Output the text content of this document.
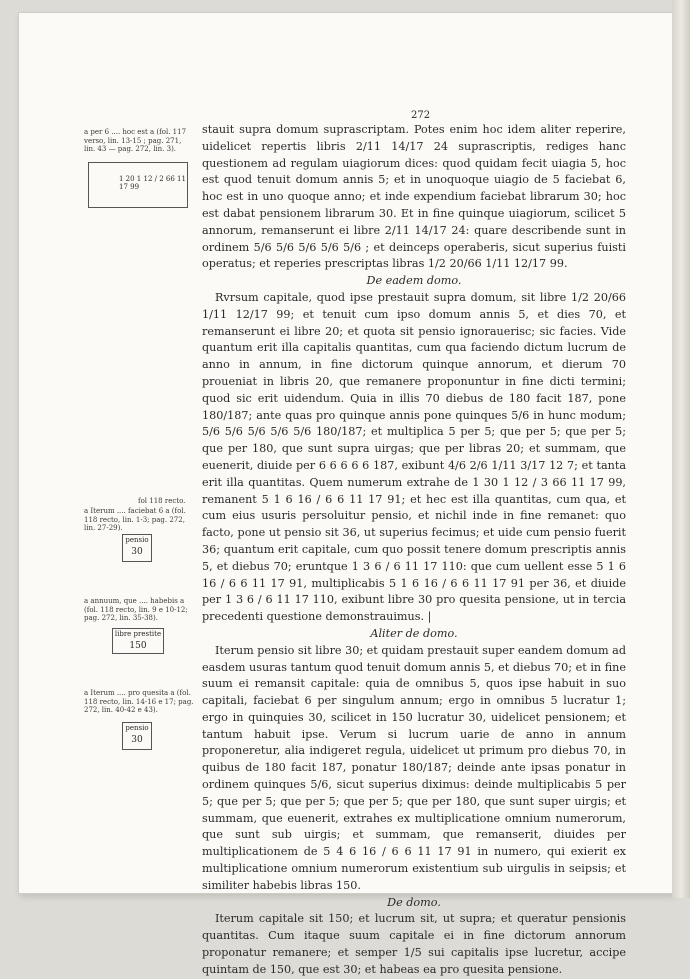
272
a per 6 .... hoc est a (fol. 117 verso, lin. 13-15 ; pag. 271, lin. 43 — pag. 272, lin. 3).
1 20 1 12 / 2 66 11 17 99
fol 118 recto.
a Iterum .... faciebat 6 a (fol. 118 recto, lin. 1-3; pag. 272, lin. 27-29).
pensio
30
a annuum, que .... habebis a (fol. 118 recto, lin. 9 e 10-12; pag. 272, lin. 35-38).
libre prestite
150
a Iterum .... pro quesita a (fol. 118 recto, lin. 14-16 e 17; pag. 272, lin. 40-42 e 43).
pensio
30

stauit supra domum suprascriptam. Potes enim hoc idem aliter reperire, uidelicet repertis libris 2/11 14/17 24 suprascriptis, rediges hanc questionem ad regulam uiagiorum dices: quod quidam fecit uiagia 5, hoc est quod tenuit domum annis 5; et in unoquoque uiagio de 5 faciebat 6, hoc est in uno quoque anno; et inde expendium faciebat librarum 30; hoc est dabat pensionem librarum 30. Et in fine quinque uiagiorum, scilicet 5 annorum, remanserunt ei libre 2/11 14/17 24: quare describende sunt in ordinem 5/6 5/6 5/6 5/6 5/6 ; et deinceps operaberis, sicut superius fuisti operatus; et reperies prescriptas libras 1/2 20/66 1/11 12/17 99.

De eadem domo.

Rvrsum capitale, quod ipse prestauit supra domum, sit libre 1/2 20/66 1/11 12/17 99; et tenuit cum ipso domum annis 5, et dies 70, et remanserunt ei libre 20; et quota sit pensio ignorauerisc; sic facies. Vide quantum erit illa capitalis quantitas, cum qua faciendo dictum lucrum de anno in annum, in fine dictorum quinque annorum, et dierum 70 proueniat in libris 20, que remanere proponuntur in fine dicti termini; quod sic erit uidendum. Quia in illis 70 diebus de 180 facit 187, pone 180/187; ante quas pro quinque annis pone quinques 5/6 in hunc modum; 5/6 5/6 5/6 5/6 5/6 180/187; et multiplica 5 per 5; que per 5; que per 5; que per 180, que sunt supra uirgas; que per libras 20; et summam, que euenerit, diuide per 6 6 6 6 6 187, exibunt 4/6 2/6 1/11 3/17 12 7; et tanta erit illa quantitas. Quem numerum extrahe de 1 30 1 12 / 3 66 11 17 99, remanent 5 1 6 16 / 6 6 11 17 91; et hec est illa quantitas, cum qua, et cum eius usuris persoluitur pensio, et nichil inde in fine remanet: quo facto, pone ut pensio sit 36, ut superius fecimus; et uide cum pensio fuerit 36; quantum erit capitale, cum quo possit tenere domum prescriptis annis 5, et diebus 70; eruntque 1 3 6 / 6 11 17 110: que cum uellent esse 5 1 6 16 / 6 6 11 17 91, multiplicabis 5 1 6 16 / 6 6 11 17 91 per 36, et diuide per 1 3 6 / 6 11 17 110, exibunt libre 30 pro quesita pensione, ut in tercia precedenti questione demonstrauimus. |

Aliter de domo.

Iterum pensio sit libre 30; et quidam prestauit super eandem domum ad easdem usuras tantum quod tenuit domum annis 5, et diebus 70; et in fine suum ei remansit capitale: quia de omnibus 5, quos ipse habuit in suo capitali, faciebat 6 per singulum annum; ergo in omnibus 5 lucratur 1; ergo in quinquies 30, scilicet in 150 lucratur 30, uidelicet pensionem; et tantum habuit ipse. Verum si lucrum uarie de anno in annum proponeretur, alia indigeret regula, uidelicet ut primum pro diebus 70, in quibus de 180 facit 187, ponatur 180/187; deinde ante ipsas ponatur in ordinem quinques 5/6, sicut superius diximus: deinde multiplicabis 5 per 5; que per 5; que per 5; que per 5; que per 180, que sunt super uirgis; et summam, que euenerit, extrahes ex multiplicatione omnium numerorum, que sunt sub uirgis; et summam, que remanserit, diuides per multiplicationem de 5 4 6 16 / 6 6 11 17 91 in numero, qui exierit ex multiplicatione omnium numerorum existentium sub uirgulis in seipsis; et similiter habebis libras 150.

De domo.

Iterum capitale sit 150; et lucrum sit, ut supra; et queratur pensionis quantitas. Cum itaque suum capitale ei in fine dictorum annorum proponatur remanere; et semper 1/5 sui capitalis ipse lucretur, accipe quintam de 150, que est 30; et habeas ea pro quesita pensione.
